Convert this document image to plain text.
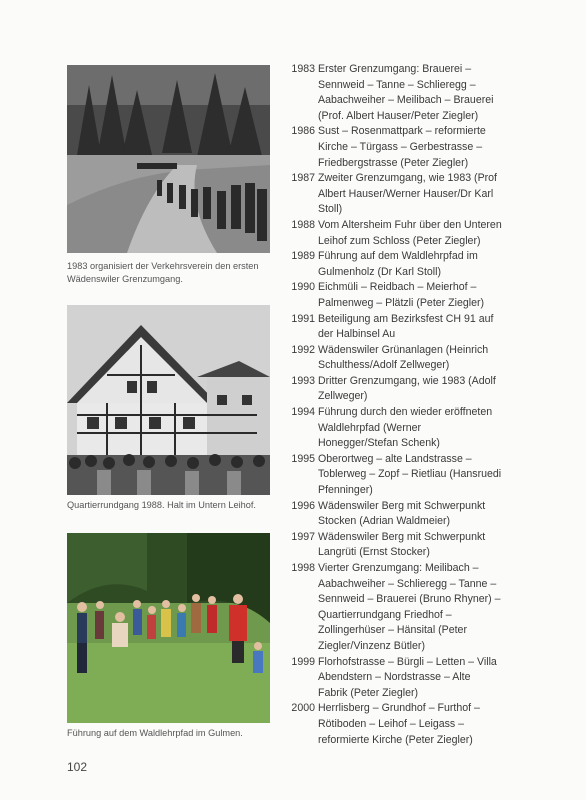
1983 organisiert der Verkehrsverein den ersten Wädenswiler Grenzumgang.
Quartierrundgang 1988. Halt im Untern Leihof.
Führung auf dem Waldlehrpfad im Gulmen.
102
1983 Erster Grenzumgang: Brauerei – Sennweid – Tanne – Schlieregg – Aabachweiher – Meilibach – Brauerei (Prof. Albert Hauser/Peter Ziegler)
1986 Sust – Rosenmattpark – reformierte Kirche – Türgass – Gerbestrasse – Friedbergstrasse (Peter Ziegler)
1987 Zweiter Grenzumgang, wie 1983 (Prof Albert Hauser/Werner Hauser/Dr Karl Stoll)
1988 Vom Altersheim Fuhr über den Unteren Leihof zum Schloss (Peter Ziegler)
1989 Führung auf dem Waldlehrpfad im Gulmenholz (Dr Karl Stoll)
1990 Eichmüli – Reidbach – Meierhof – Palmenweg – Plätzli (Peter Ziegler)
1991 Beteiligung am Bezirksfest CH 91 auf der Halbinsel Au
1992 Wädenswiler Grünanlagen (Heinrich Schulthess/Adolf Zellweger)
1993 Dritter Grenzumgang, wie 1983 (Adolf Zellweger)
1994 Führung durch den wieder eröffneten Waldlehrpfad (Werner Honegger/Stefan Schenk)
1995 Oberortweg – alte Landstrasse – Toblerweg – Zopf – Rietliau (Hansruedi Pfenninger)
1996 Wädenswiler Berg mit Schwerpunkt Stocken (Adrian Waldmeier)
1997 Wädenswiler Berg mit Schwerpunkt Langrüti (Ernst Stocker)
1998 Vierter Grenzumgang: Meilibach – Aabachweiher – Schlieregg – Tanne – Sennweid – Brauerei (Bruno Rhyner) – Quartierrundgang Friedhof – Zollingerhüser – Hänsital (Peter Ziegler/Vinzenz Bütler)
1999 Florhofstrasse – Bürgli – Letten – Villa Abendstern – Nordstrasse – Alte Fabrik (Peter Ziegler)
2000 Herrlisberg – Grundhof – Furthof – Rötiboden – Leihof – Leigass – reformierte Kirche (Peter Ziegler)
